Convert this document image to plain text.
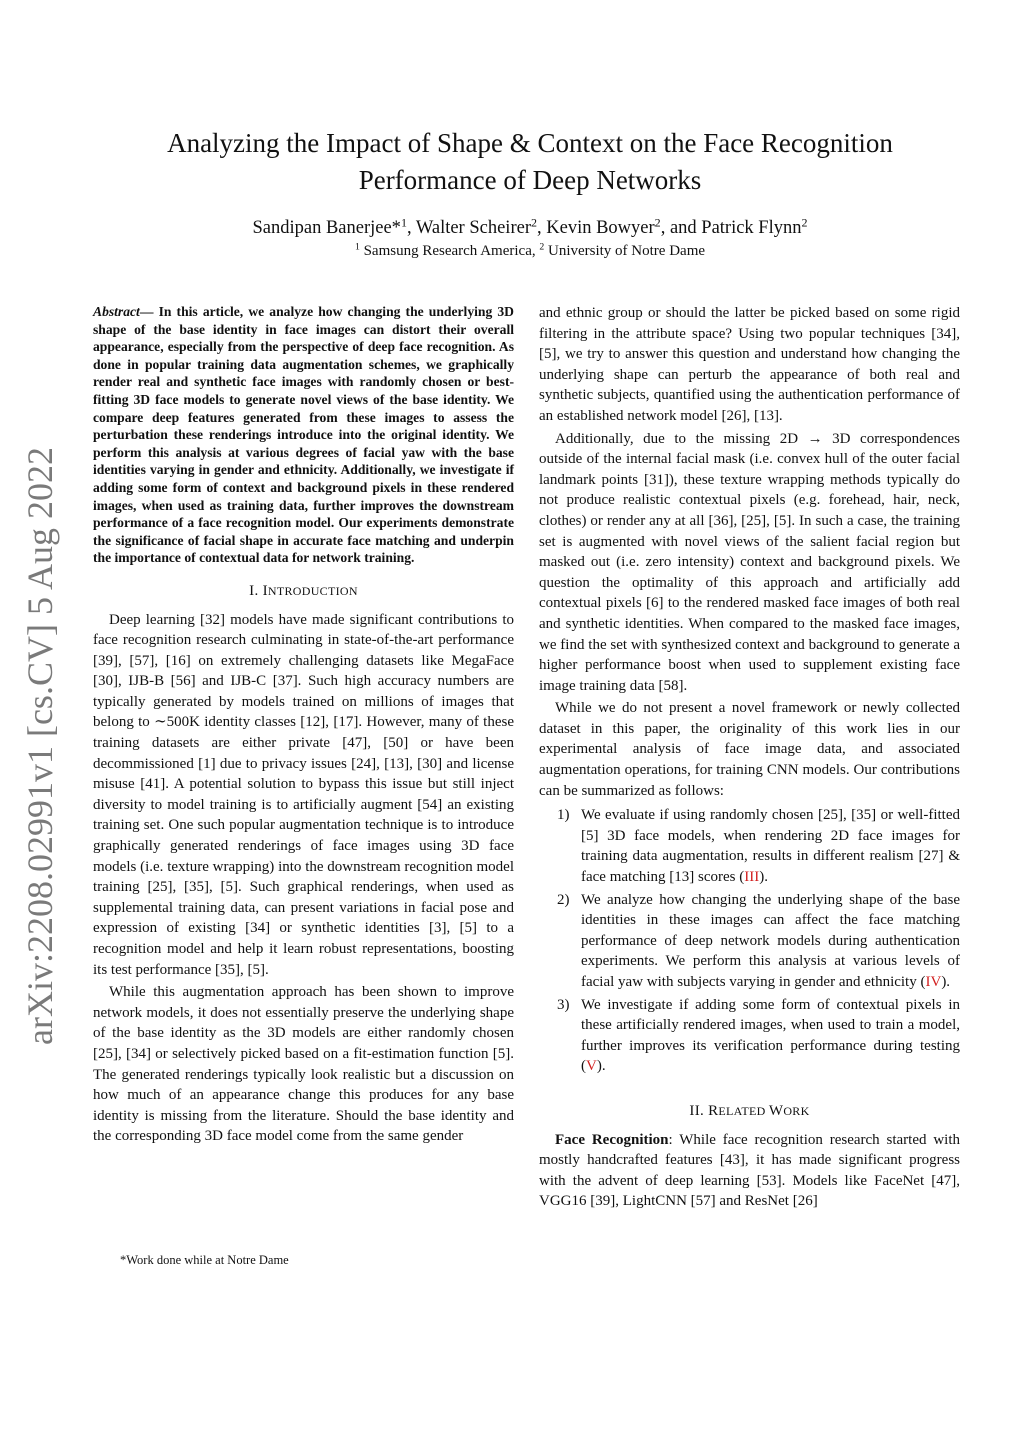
Analyzing the Impact of Shape & Context on the Face Recognition
Performance of Deep Networks
Sandipan Banerjee*$^1$, Walter Scheirer$^2$, Kevin Bowyer$^2$, and Patrick Flynn$^2$
$^1$ Samsung Research America, $^2$ University of Notre Dame
arXiv:2208.02991v1 [cs.CV] 5 Aug 2022

Abstract— In this article, we analyze how changing the underlying 3D shape of the base identity in face images can distort their overall appearance, especially from the perspective of deep face recognition. As done in popular training data augmentation schemes, we graphically render real and synthetic face images with randomly chosen or best-fitting 3D face models to generate novel views of the base identity. We compare deep features generated from these images to assess the perturbation these renderings introduce into the original identity. We perform this analysis at various degrees of facial yaw with the base identities varying in gender and ethnicity. Additionally, we investigate if adding some form of context and background pixels in these rendered images, when used as training data, further improves the downstream performance of a face recognition model. Our experiments demonstrate the significance of facial shape in accurate face matching and underpin the importance of contextual data for network training.

I. INTRODUCTION

Deep learning [32] models have made significant contributions to face recognition research culminating in state-of-the-art performance [39], [57], [16] on extremely challenging datasets like MegaFace [30], IJB-B [56] and IJB-C [37]. Such high accuracy numbers are typically generated by models trained on millions of images that belong to ∼500K identity classes [12], [17]. However, many of these training datasets are either private [47], [50] or have been decommissioned [1] due to privacy issues [24], [13], [30] and license misuse [41]. A potential solution to bypass this issue but still inject diversity to model training is to artificially augment [54] an existing training set. One such popular augmentation technique is to introduce graphically generated renderings of face images using 3D face models (i.e. texture wrapping) into the downstream recognition model training [25], [35], [5]. Such graphical renderings, when used as supplemental training data, can present variations in facial pose and expression of existing [34] or synthetic identities [3], [5] to a recognition model and help it learn robust representations, boosting its test performance [35], [5].

While this augmentation approach has been shown to improve network models, it does not essentially preserve the underlying shape of the base identity as the 3D models are either randomly chosen [25], [34] or selectively picked based on a fit-estimation function [5]. The generated renderings typically look realistic but a discussion on how much of an appearance change this produces for any base identity is missing from the literature. Should the base identity and the corresponding 3D face model come from the same gender

*Work done while at Notre Dame

and ethnic group or should the latter be picked based on some rigid filtering in the attribute space? Using two popular techniques [34], [5], we try to answer this question and understand how changing the underlying shape can perturb the appearance of both real and synthetic subjects, quantified using the authentication performance of an established network model [26], [13].

Additionally, due to the missing 2D → 3D correspondences outside of the internal facial mask (i.e. convex hull of the outer facial landmark points [31]), these texture wrapping methods typically do not produce realistic contextual pixels (e.g. forehead, hair, neck, clothes) or render any at all [36], [25], [5]. In such a case, the training set is augmented with novel views of the salient facial region but masked out (i.e. zero intensity) context and background pixels. We question the optimality of this approach and artificially add contextual pixels [6] to the rendered masked face images of both real and synthetic identities. When compared to the masked face images, we find the set with synthesized context and background to generate a higher performance boost when used to supplement existing face image training data [58].

While we do not present a novel framework or newly collected dataset in this paper, the originality of this work lies in our experimental analysis of face image data, and associated augmentation operations, for training CNN models. Our contributions can be summarized as follows:

1) We evaluate if using randomly chosen [25], [35] or well-fitted [5] 3D face models, when rendering 2D face images for training data augmentation, results in different realism [27] & face matching [13] scores (III).
2) We analyze how changing the underlying shape of the base identities in these images can affect the face matching performance of deep network models during authentication experiments. We perform this analysis at various levels of facial yaw with subjects varying in gender and ethnicity (IV).
3) We investigate if adding some form of contextual pixels in these artificially rendered images, when used to train a model, further improves its verification performance during testing (V).
II. RELATED WORK

Face Recognition: While face recognition research started with mostly handcrafted features [43], it has made significant progress with the advent of deep learning [53]. Models like FaceNet [47], VGG16 [39], LightCNN [57] and ResNet [26]
